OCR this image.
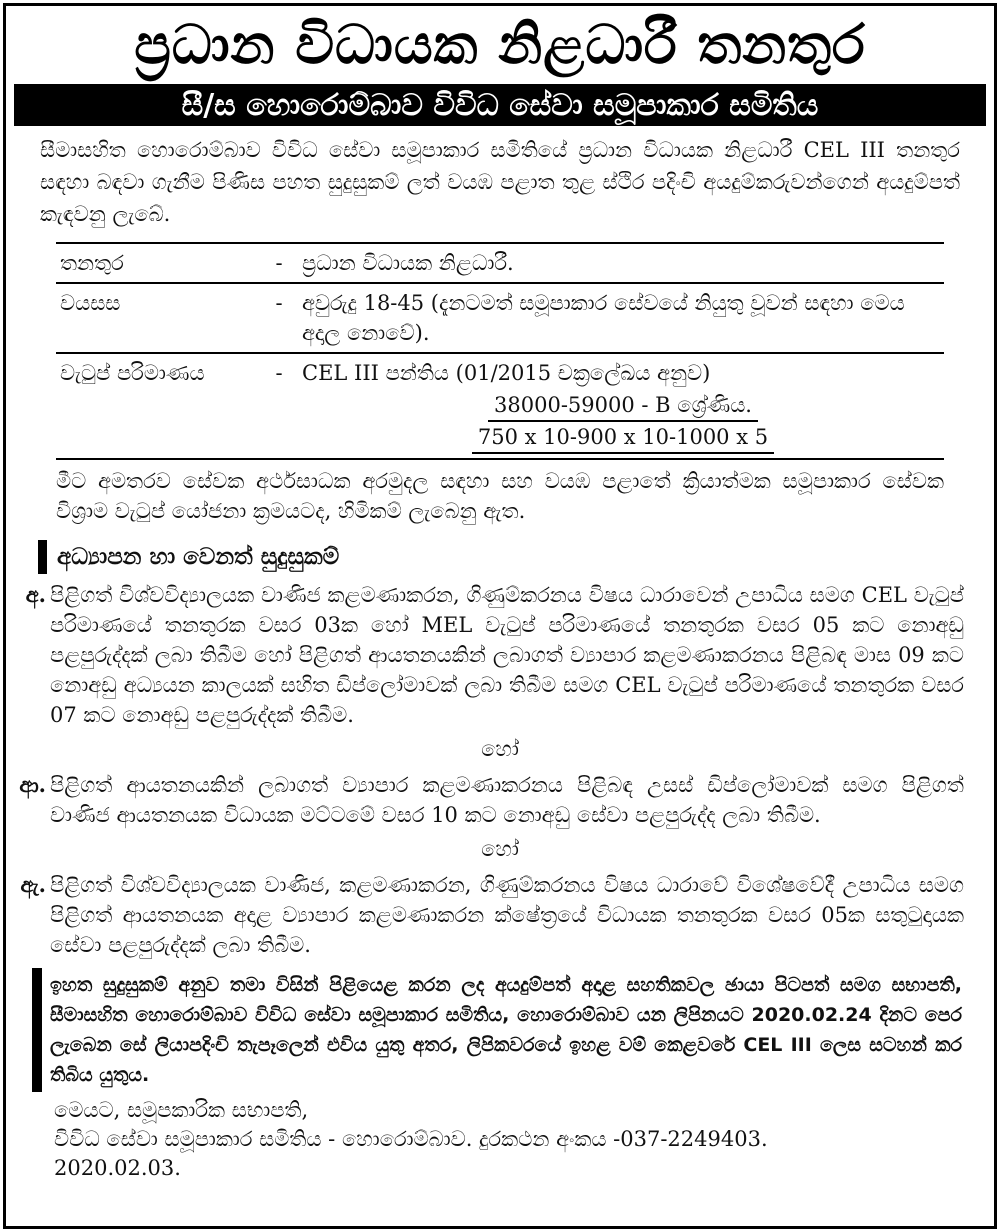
ප්‍රධාන විධායක නිළධාරී තනතුර
සී/ස හොරොම්බාව විවිධ සේවා සමූපාකාර සමිතිය
සීමාසහිත හොරොම්බාව විවිධ සේවා සමූපාකාර සමිතියේ ප්‍රධාන විධායක නිළධාරී CEL III තනතුර සඳහා බඳවා ගැනීම පිණිස පහත සුදුසුකම් ලත් වයඹ පළාත තුළ ස්ථිර පදිංචි අයදුම්කරුවන්ගෙන් අයදුම්පත් කැඳවනු ලැබේ.
තනතුර	- ප්‍රධාන විධායක නිළධාරී.
වයසස	- අවුරුදු 18-45 (දැනටමත් සමූපාකාර සේවයේ නියුතු වූවන් සඳහා මෙය අදාල නොවේ).
වැටුප් පරිමාණය	- CEL III පන්තිය (01/2015 චක්‍රලේඛය අනුව)
38000-59000 - B ශ්‍රේණිය.
750 x 10-900 x 10-1000 x 5
මීට අමතරව සේවක අර්ථසාධක අරමුදල සඳහා සහ වයඹ පළාතේ ක්‍රියාත්මක සමූපාකාර සේවක විශ්‍රාම වැටුප් යෝජනා ක්‍රමයටද, හිමිකම් ලැබෙනු ඇත.
අධ්‍යාපන හා වෙනත් සුදුසුකම්
අ. පිළිගත් විශ්වවිද්‍යාලයක වාණිජ කළමණාකරන, ගිණුම්කරනය විෂය ධාරාවෙන් උපාධිය සමග CEL වැටුප් පරිමාණයේ තනතුරක වසර 03ක හෝ MEL වැටුප් පරිමාණයේ තනතුරක වසර 05 කට නොඅඩු පළපුරුද්දක් ලබා තිබීම හෝ පිළිගත් ආයතනයකින් ලබාගත් ව්‍යාපාර කළමණාකරනය පිළිබඳ මාස 09 කට නොඅඩු අධ්‍යයන කාලයක් සහිත ඩිප්ලෝමාවක් ලබා තිබීම සමග CEL වැටුප් පරිමාණයේ තනතුරක වසර 07 කට නොඅඩු පළපුරුද්දක් තිබීම.
හෝ
ආ. පිළිගත් ආයතනයකින් ලබාගත් ව්‍යාපාර කළමණාකරනය පිළිබඳ උසස් ඩිප්ලෝමාවක් සමග පිළිගත් වාණිජ ආයතනයක විධායක මට්ටමේ වසර 10 කට නොඅඩු සේවා පළපුරුද්ද ලබා තිබීම.
හෝ
ඇ. පිළිගත් විශ්වවිද්‍යාලයක වාණිජ, කළමණාකරන, ගිණුම්කරනය විෂය ධාරාවේ විශේෂවේදී උපාධිය සමග පිළිගත් ආයතනයක අදාළ ව්‍යාපාර කළමණාකරන ක්ෂේත්‍රයේ විධායක තනතුරක වසර 05ක සතුටුදායක සේවා පළපුරුද්දක් ලබා තිබීම.
ඉහත සුදුසුකම් අනුව තමා විසින් පිළියෙළ කරන ලද අයදුම්පත් අදාළ සහතිකවල ඡායා පිටපත් සමග සභාපති, සීමාසහිත හොරොම්බාව විවිධ සේවා සමූපාකාර සමිතිය, හොරොම්බාව යන ලිපිනයට 2020.02.24 දිනට පෙර ලැබෙන සේ ලියාපදිංචි තැපෑලෙන් එවිය යුතු අතර, ලිපිකවරයේ ඉහළ වම් කෙළවරේ CEL III ලෙස සටහන් කර තිබිය යුතුය.
මෙයට, සමූපකාරික සභාපති,
විවිධ සේවා සමූපාකාර සමිතිය - හොරොම්බාව. දුරකථන අංකය -037-2249403.
2020.02.03.
